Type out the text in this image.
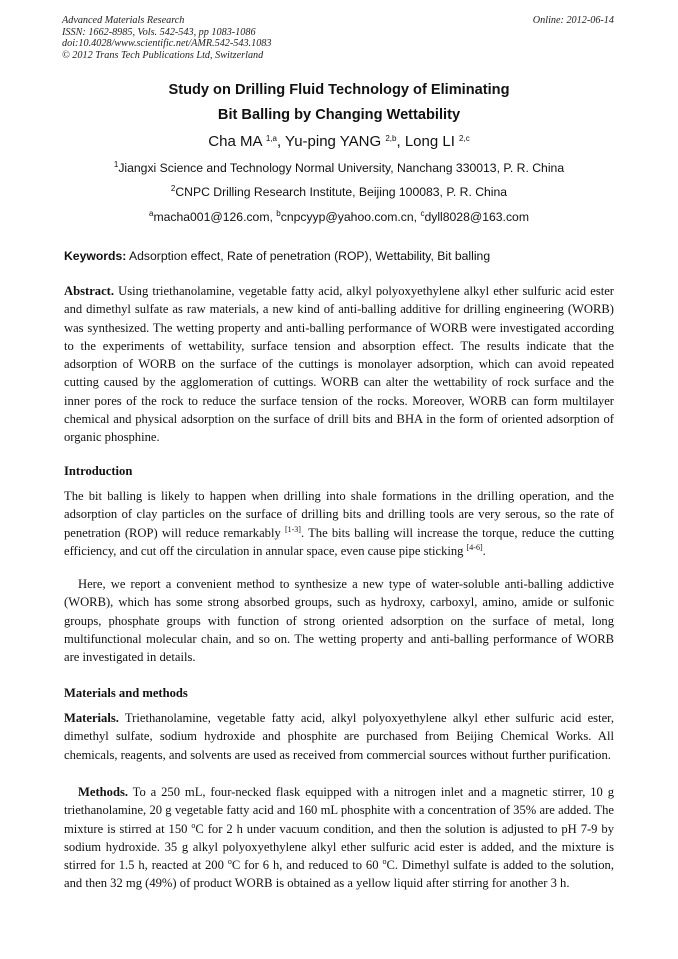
Advanced Materials Research
ISSN: 1662-8985, Vols. 542-543, pp 1083-1086
doi:10.4028/www.scientific.net/AMR.542-543.1083
© 2012 Trans Tech Publications Ltd, Switzerland
Online: 2012-06-14
Study on Drilling Fluid Technology of Eliminating
Bit Balling by Changing Wettability
Cha MA $^{1,a}$, Yu-ping YANG $^{2,b}$, Long LI $^{2,c}$
$^1$Jiangxi Science and Technology Normal University, Nanchang 330013, P. R. China
$^2$CNPC Drilling Research Institute, Beijing 100083, P. R. China
$^a$macha001@126.com, $^b$cnpcyyp@yahoo.com.cn, $^c$dyll8028@163.com
Keywords: Adsorption effect, Rate of penetration (ROP), Wettability, Bit balling
Abstract. Using triethanolamine, vegetable fatty acid, alkyl polyoxyethylene alkyl ether sulfuric acid ester and dimethyl sulfate as raw materials, a new kind of anti-balling additive for drilling engineering (WORB) was synthesized. The wetting property and anti-balling performance of WORB were investigated according to the experiments of wettability, surface tension and absorption effect. The results indicate that the adsorption of WORB on the surface of the cuttings is monolayer adsorption, which can avoid repeated cutting caused by the agglomeration of cuttings. WORB can alter the wettability of rock surface and the inner pores of the rock to reduce the surface tension of the rocks. Moreover, WORB can form multilayer chemical and physical adsorption on the surface of drill bits and BHA in the form of oriented adsorption of organic phosphine.
Introduction
The bit balling is likely to happen when drilling into shale formations in the drilling operation, and the adsorption of clay particles on the surface of drilling bits and drilling tools are very serous, so the rate of penetration (ROP) will reduce remarkably [1-3]. The bits balling will increase the torque, reduce the cutting efficiency, and cut off the circulation in annular space, even cause pipe sticking [4-6].
Here, we report a convenient method to synthesize a new type of water-soluble anti-balling addictive (WORB), which has some strong absorbed groups, such as hydroxy, carboxyl, amino, amide or sulfonic groups, phosphate groups with function of strong oriented adsorption on the surface of metal, long multifunctional molecular chain, and so on. The wetting property and anti-balling performance of WORB are investigated in details.
Materials and methods
Materials. Triethanolamine, vegetable fatty acid, alkyl polyoxyethylene alkyl ether sulfuric acid ester, dimethyl sulfate, sodium hydroxide and phosphite are purchased from Beijing Chemical Works. All chemicals, reagents, and solvents are used as received from commercial sources without further purification.
Methods. To a 250 mL, four-necked flask equipped with a nitrogen inlet and a magnetic stirrer, 10 g triethanolamine, 20 g vegetable fatty acid and 160 mL phosphite with a concentration of 35% are added. The mixture is stirred at 150 $^o$C for 2 h under vacuum condition, and then the solution is adjusted to pH 7-9 by sodium hydroxide. 35 g alkyl polyoxyethylene alkyl ether sulfuric acid ester is added, and the mixture is stirred for 1.5 h, reacted at 200 $^o$C for 6 h, and reduced to 60 $^o$C. Dimethyl sulfate is added to the solution, and then 32 mg (49%) of product WORB is obtained as a yellow liquid after stirring for another 3 h.
